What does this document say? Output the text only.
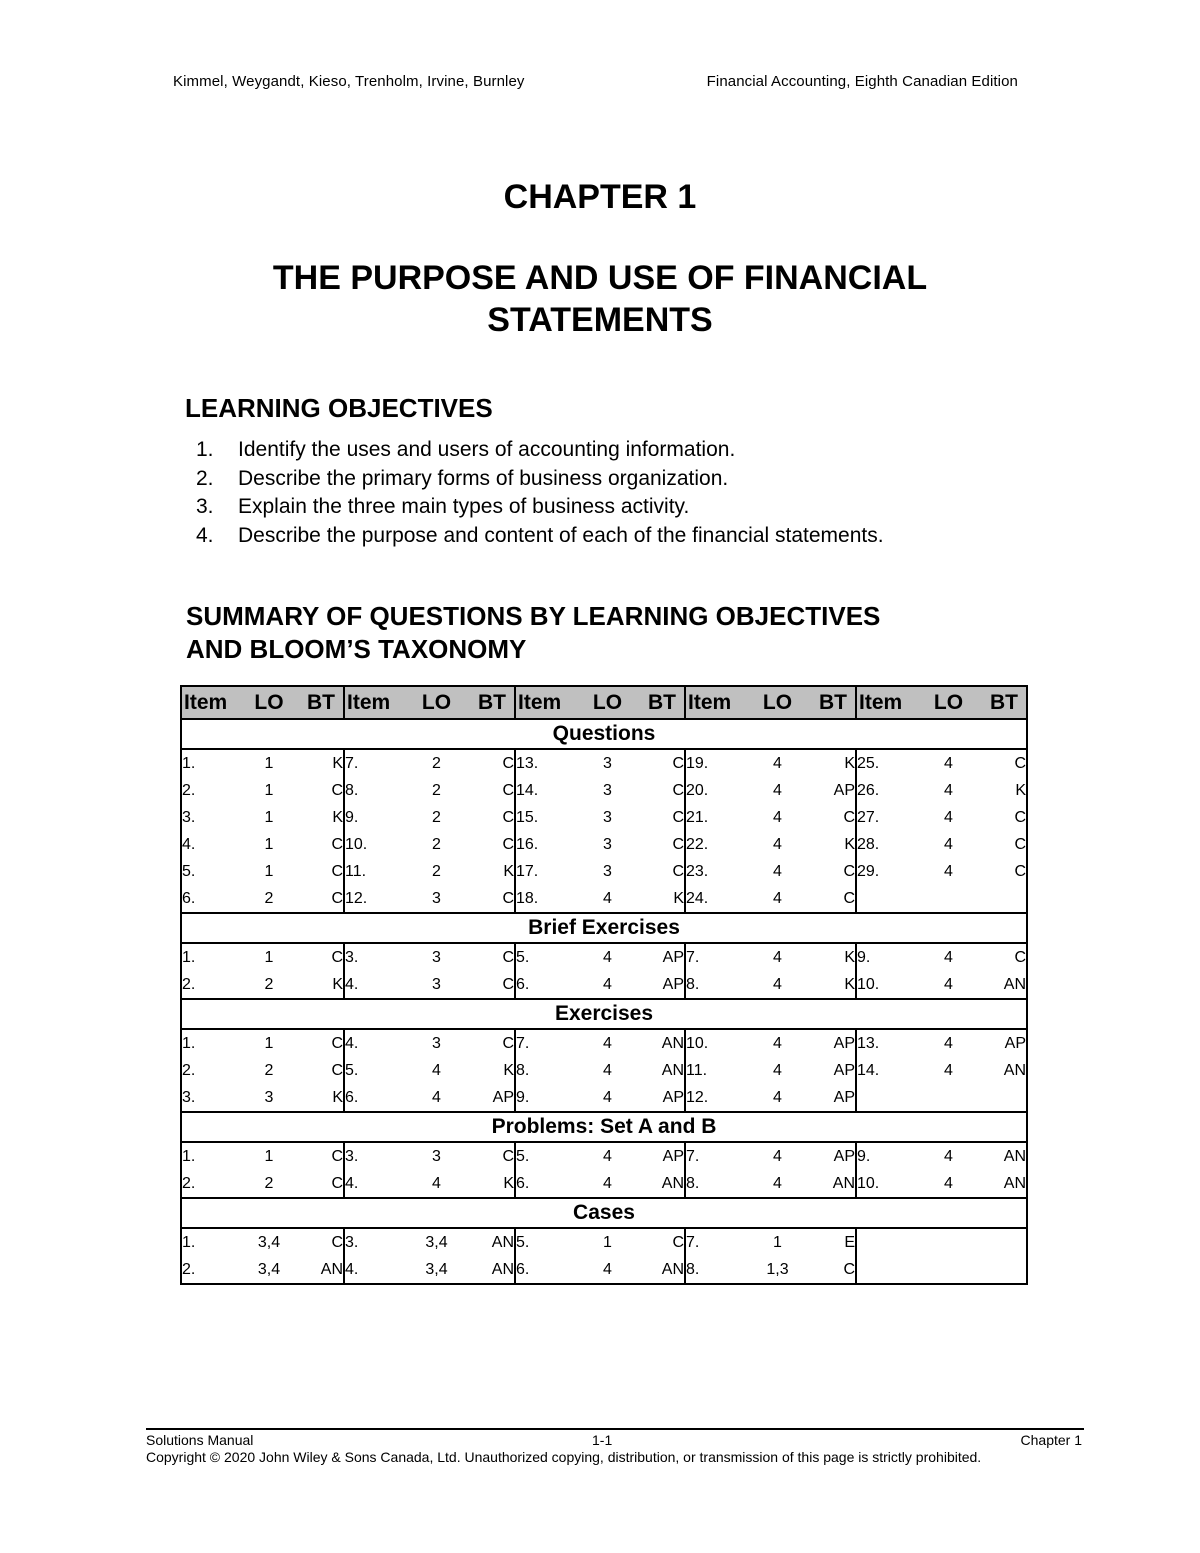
Kimmel, Weygandt, Kieso, Trenholm, Irvine, Burnley	Financial Accounting, Eighth Canadian Edition
CHAPTER 1
THE PURPOSE AND USE OF FINANCIAL
STATEMENTS
LEARNING OBJECTIVES
1. Identify the uses and users of accounting information.
2. Describe the primary forms of business organization.
3. Explain the three main types of business activity.
4. Describe the purpose and content of each of the financial statements.
SUMMARY OF QUESTIONS BY LEARNING OBJECTIVES
AND BLOOM’S TAXONOMY
Item	LO	BT	Item	LO	BT	Item	LO	BT	Item	LO	BT	Item	LO	BT
Questions														
1.	1	K	7.	2	C	13.	3	C	19.	4	K	25.	4	C
2.	1	C	8.	2	C	14.	3	C	20.	4	AP	26.	4	K
3.	1	K	9.	2	C	15.	3	C	21.	4	C	27.	4	C
4.	1	C	10.	2	C	16.	3	C	22.	4	K	28.	4	C
5.	1	C	11.	2	K	17.	3	C	23.	4	C	29.	4	C
6.	2	C	12.	3	C	18.	4	K	24.	4	C			
Brief Exercises														
1.	1	C	3.	3	C	5.	4	AP	7.	4	K	9.	4	C
2.	2	K	4.	3	C	6.	4	AP	8.	4	K	10.	4	AN
Exercises														
1.	1	C	4.	3	C	7.	4	AN	10.	4	AP	13.	4	AP
2.	2	C	5.	4	K	8.	4	AN	11.	4	AP	14.	4	AN
3.	3	K	6.	4	AP	9.	4	AP	12.	4	AP			
Problems: Set A and B														
1.	1	C	3.	3	C	5.	4	AP	7.	4	AP	9.	4	AN
2.	2	C	4.	4	K	6.	4	AN	8.	4	AN	10.	4	AN
Cases														
1.	3,4	C	3.	3,4	AN	5.	1	C	7.	1	E			
2.	3,4	AN	4.	3,4	AN	6.	4	AN	8.	1,3	C			
Solutions Manual	1-1	Chapter 1
Copyright © 2020 John Wiley & Sons Canada, Ltd. Unauthorized copying, distribution, or transmission of this page is strictly prohibited.
